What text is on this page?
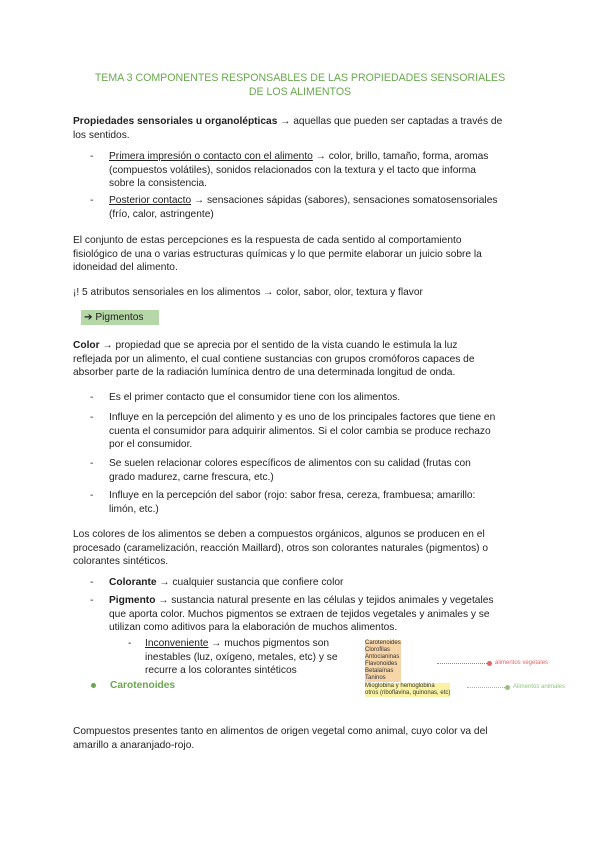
TEMA 3 COMPONENTES RESPONSABLES DE LAS PROPIEDADES SENSORIALES
DE LOS ALIMENTOS
Propiedades sensoriales u organolépticas → aquellas que pueden ser captadas a través de
los sentidos.
- Primera impresión o contacto con el alimento → color, brillo, tamaño, forma, aromas
(compuestos volátiles), sonidos relacionados con la textura y el tacto que informa
sobre la consistencia.
- Posterior contacto → sensaciones sápidas (sabores), sensaciones somatosensoriales
(frío, calor, astringente)
El conjunto de estas percepciones es la respuesta de cada sentido al comportamiento
fisiológico de una o varias estructuras químicas y lo que permite elaborar un juicio sobre la
idoneidad del alimento.
¡! 5 atributos sensoriales en los alimentos → color, sabor, olor, textura y flavor
➔ Pigmentos
Color → propiedad que se aprecia por el sentido de la vista cuando le estimula la luz
reflejada por un alimento, el cual contiene sustancias con grupos cromóforos capaces de
absorber parte de la radiación lumínica dentro de una determinada longitud de onda.
- Es el primer contacto que el consumidor tiene con los alimentos.
- Influye en la percepción del alimento y es uno de los principales factores que tiene en
cuenta el consumidor para adquirir alimentos. Si el color cambia se produce rechazo
por el consumidor.
- Se suelen relacionar colores específicos de alimentos con su calidad (frutas con
grado madurez, carne frescura, etc.)
- Influye en la percepción del sabor (rojo: sabor fresa, cereza, frambuesa; amarillo:
limón, etc.)
Los colores de los alimentos se deben a compuestos orgánicos, algunos se producen en el
procesado (caramelización, reacción Maillard), otros son colorantes naturales (pigmentos) o
colorantes sintéticos.
- Colorante → cualquier sustancia que confiere color
- Pigmento → sustancia natural presente en las células y tejidos animales y vegetales
que aporta color. Muchos pigmentos se extraen de tejidos vegetales y animales y se
utilizan como aditivos para la elaboración de muchos alimentos.
- Inconveniente → muchos pigmentos son
inestables (luz, oxígeno, metales, etc) y se
recurre a los colorantes sintéticos
Carotenoides
Clorofilas
Antocianinas
Flavonoides
Betalaínas
Taninos
Mioglobina y hemoglobina
otros (riboflavina, quinonas, etc)
alimentos vegetales
Alimentos animales
Carotenoides
Compuestos presentes tanto en alimentos de origen vegetal como animal, cuyo color va del
amarillo a anaranjado-rojo.
